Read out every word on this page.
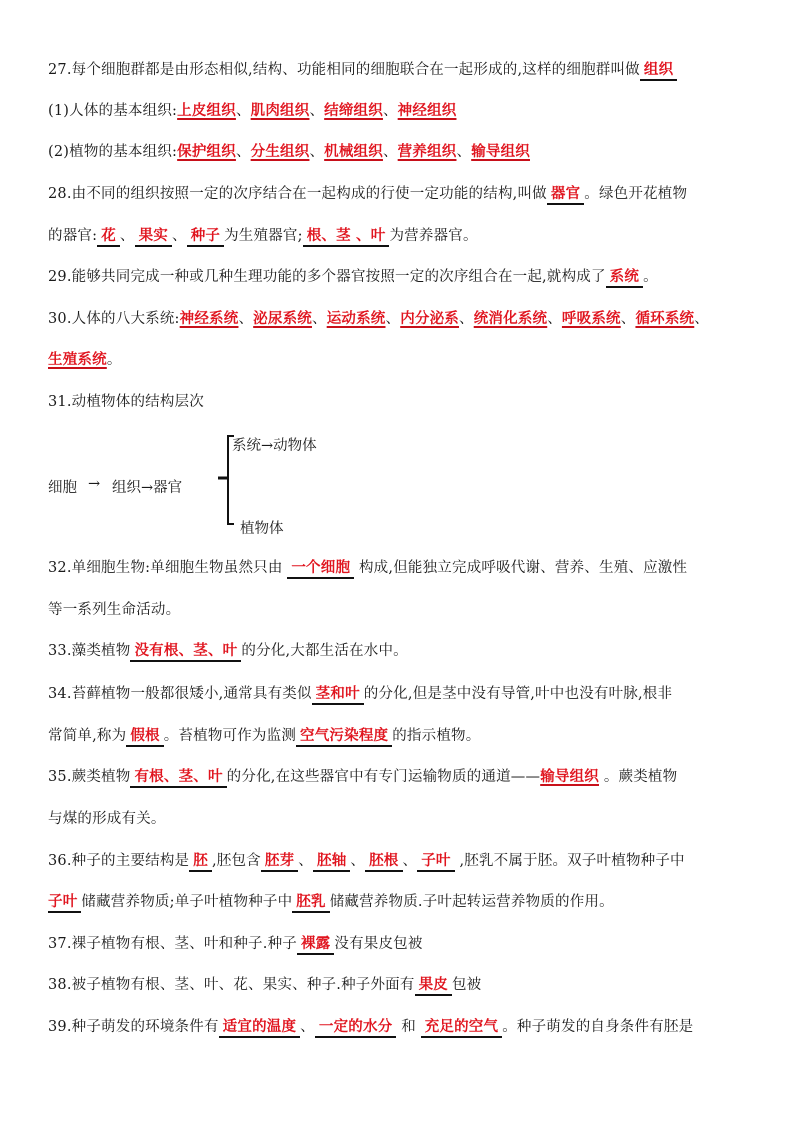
27.每个细胞群都是由形态相似,结构、功能相同的细胞联合在一起形成的,这样的细胞群叫做 组织
(1)人体的基本组织:上皮组织、肌肉组织、结缔组织、神经组织
(2)植物的基本组织:保护组织、分生组织、机械组织、营养组织、输导组织
28.由不同的组织按照一定的次序结合在一起构成的行使一定功能的结构,叫做 器官 。绿色开花植物
的器官: 花 、 果实 、 种子 为生殖器官; 根、茎 、叶 为营养器官。
29.能够共同完成一种或几种生理功能的多个器官按照一定的次序组合在一起,就构成了 系统 。
30.人体的八大系统:神经系统、泌尿系统、运动系统、内分泌系、统消化系统、呼吸系统、循环系统、
生殖系统。
31.动植物体的结构层次
细胞 → 组织→器官
系统→动物体
植物体
32.单细胞生物:单细胞生物虽然只由 一个细胞 构成,但能独立完成呼吸代谢、营养、生殖、应激性
等一系列生命活动。
33.藻类植物 没有根、茎、叶 的分化,大都生活在水中。
34.苔藓植物一般都很矮小,通常具有类似 茎和叶 的分化,但是茎中没有导管,叶中也没有叶脉,根非
常简单,称为 假根 。苔植物可作为监测 空气污染程度 的指示植物。
35.蕨类植物 有根、茎、叶 的分化,在这些器官中有专门运输物质的通道——输导组织 。蕨类植物
与煤的形成有关。
36.种子的主要结构是 胚 ,胚包含 胚芽 、 胚轴 、 胚根 、 子叶 ,胚乳不属于胚。双子叶植物种子中
子叶 储藏营养物质;单子叶植物种子中 胚乳 储藏营养物质.子叶起转运营养物质的作用。
37.裸子植物有根、茎、叶和种子.种子 裸露 没有果皮包被
38.被子植物有根、茎、叶、花、果实、种子.种子外面有 果皮 包被
39.种子萌发的环境条件有 适宜的温度 、 一定的水分 和 充足的空气 。种子萌发的自身条件有胚是
